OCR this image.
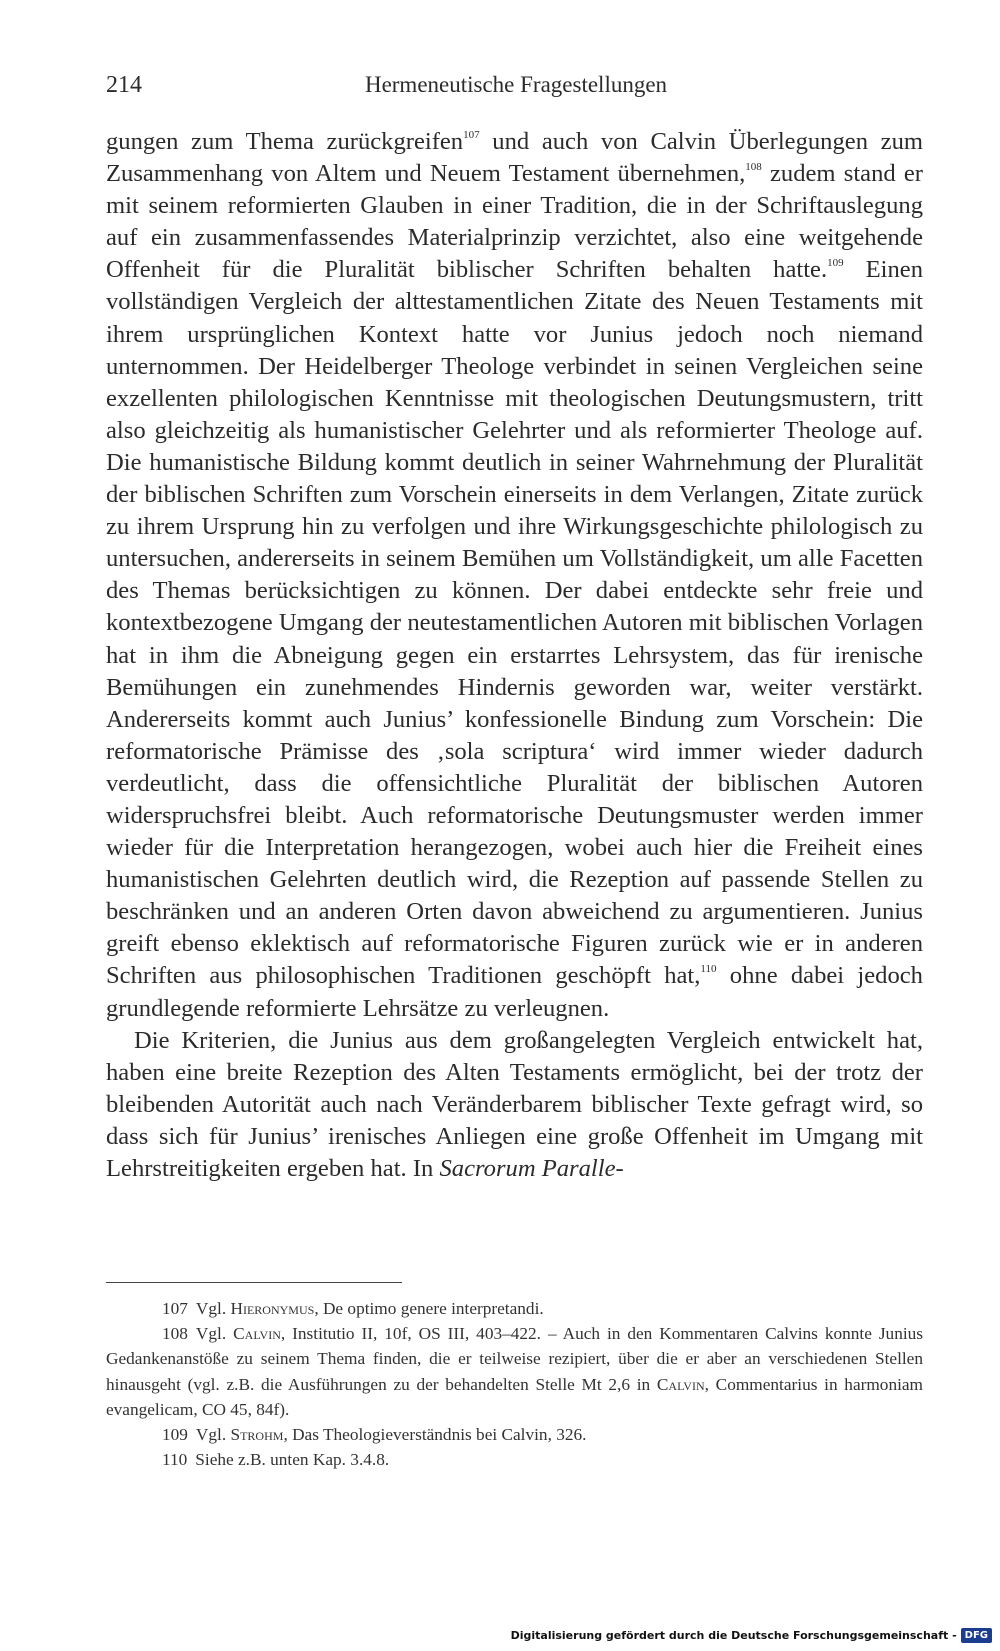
214	Hermeneutische Fragestellungen

gungen zum Thema zurückgreifen$^{107}$ und auch von Calvin Überlegungen zum Zusammenhang von Altem und Neuem Testament übernehmen,$^{108}$ zudem stand er mit seinem reformierten Glauben in einer Tradition, die in der Schriftauslegung auf ein zusammenfassendes Materialprinzip verzichtet, also eine weitgehende Offenheit für die Pluralität biblischer Schriften behalten hatte.$^{109}$ Einen vollständigen Vergleich der alttestamentlichen Zitate des Neuen Testaments mit ihrem ursprünglichen Kontext hatte vor Junius jedoch noch niemand unternommen. Der Heidelberger Theologe verbindet in seinen Vergleichen seine exzellenten philologischen Kenntnisse mit theologischen Deutungsmustern, tritt also gleichzeitig als humanistischer Gelehrter und als reformierter Theologe auf. Die humanistische Bildung kommt deutlich in seiner Wahrnehmung der Pluralität der biblischen Schriften zum Vorschein einerseits in dem Verlangen, Zitate zurück zu ihrem Ursprung hin zu verfolgen und ihre Wirkungsgeschichte philologisch zu untersuchen, andererseits in seinem Bemühen um Vollständigkeit, um alle Facetten des Themas berücksichtigen zu können. Der dabei entdeckte sehr freie und kontextbezogene Umgang der neutestamentlichen Autoren mit biblischen Vorlagen hat in ihm die Abneigung gegen ein erstarrtes Lehrsystem, das für irenische Bemühungen ein zunehmendes Hindernis geworden war, weiter verstärkt. Andererseits kommt auch Junius’ konfessionelle Bindung zum Vorschein: Die reformatorische Prämisse des ‚sola scriptura‘ wird immer wieder dadurch verdeutlicht, dass die offensichtliche Pluralität der biblischen Autoren widerspruchsfrei bleibt. Auch reformatorische Deutungsmuster werden immer wieder für die Interpretation herangezogen, wobei auch hier die Freiheit eines humanistischen Gelehrten deutlich wird, die Rezeption auf passende Stellen zu beschränken und an anderen Orten davon abweichend zu argumentieren. Junius greift ebenso eklektisch auf reformatorische Figuren zurück wie er in anderen Schriften aus philosophischen Traditionen geschöpft hat,$^{110}$ ohne dabei jedoch grundlegende reformierte Lehrsätze zu verleugnen.

Die Kriterien, die Junius aus dem großangelegten Vergleich entwickelt hat, haben eine breite Rezeption des Alten Testaments ermöglicht, bei der trotz der bleibenden Autorität auch nach Veränderbarem biblischer Texte gefragt wird, so dass sich für Junius’ irenisches Anliegen eine große Offenheit im Umgang mit Lehrstreitigkeiten ergeben hat. In Sacrorum Paralle-

107 Vgl. Hieronymus, De optimo genere interpretandi.

108 Vgl. Calvin, Institutio II, 10f, OS III, 403–422. – Auch in den Kommentaren Calvins konnte Junius Gedankenanstöße zu seinem Thema finden, die er teilweise rezipiert, über die er aber an verschiedenen Stellen hinausgeht (vgl. z.B. die Ausführungen zu der behandelten Stelle Mt 2,6 in Calvin, Commentarius in harmoniam evangelicam, CO 45, 84f).

109 Vgl. Strohm, Das Theologieverständnis bei Calvin, 326.

110 Siehe z.B. unten Kap. 3.4.8.

Digitalisierung gefördert durch die Deutsche Forschungsgemeinschaft - DFG
